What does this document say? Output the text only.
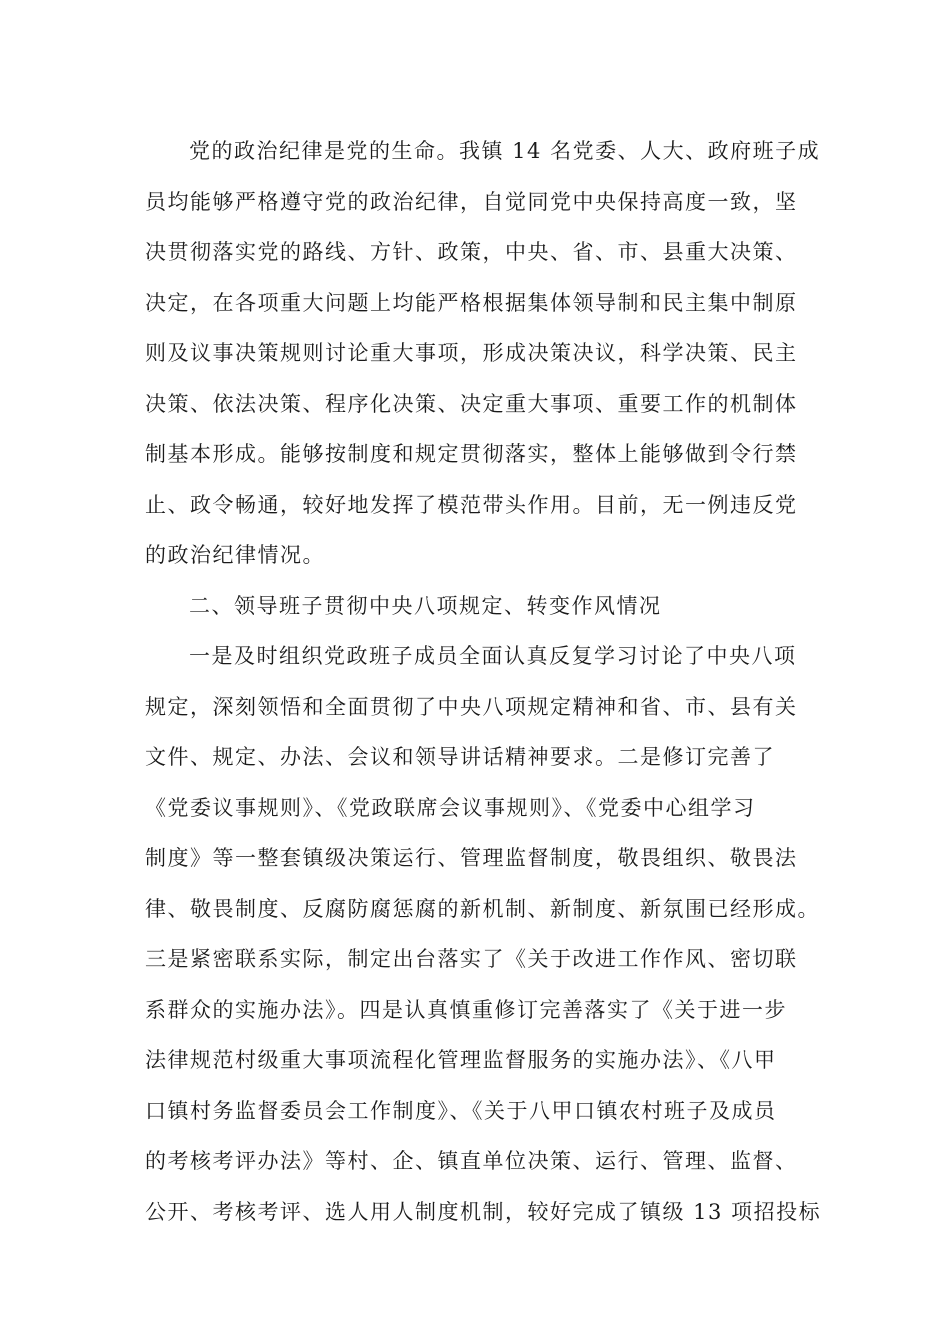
党的政治纪律是党的生命。我镇 14 名党委、人大、政府班子成
员均能够严格遵守党的政治纪律，自觉同党中央保持高度一致，坚
决贯彻落实党的路线、方针、政策，中央、省、市、县重大决策、
决定，在各项重大问题上均能严格根据集体领导制和民主集中制原
则及议事决策规则讨论重大事项，形成决策决议，科学决策、民主
决策、依法决策、程序化决策、决定重大事项、重要工作的机制体
制基本形成。能够按制度和规定贯彻落实，整体上能够做到令行禁
止、政令畅通，较好地发挥了模范带头作用。目前，无一例违反党
的政治纪律情况。
二、领导班子贯彻中央八项规定、转变作风情况
一是及时组织党政班子成员全面认真反复学习讨论了中央八项
规定，深刻领悟和全面贯彻了中央八项规定精神和省、市、县有关
文件、规定、办法、会议和领导讲话精神要求。二是修订完善了
《党委议事规则》、《党政联席会议事规则》、《党委中心组学习
制度》等一整套镇级决策运行、管理监督制度，敬畏组织、敬畏法
律、敬畏制度、反腐防腐惩腐的新机制、新制度、新氛围已经形成。
三是紧密联系实际，制定出台落实了《关于改进工作作风、密切联
系群众的实施办法》。四是认真慎重修订完善落实了《关于进一步
法律规范村级重大事项流程化管理监督服务的实施办法》、《八甲
口镇村务监督委员会工作制度》、《关于八甲口镇农村班子及成员
的考核考评办法》等村、企、镇直单位决策、运行、管理、监督、
公开、考核考评、选人用人制度机制，较好完成了镇级 13 项招投标
